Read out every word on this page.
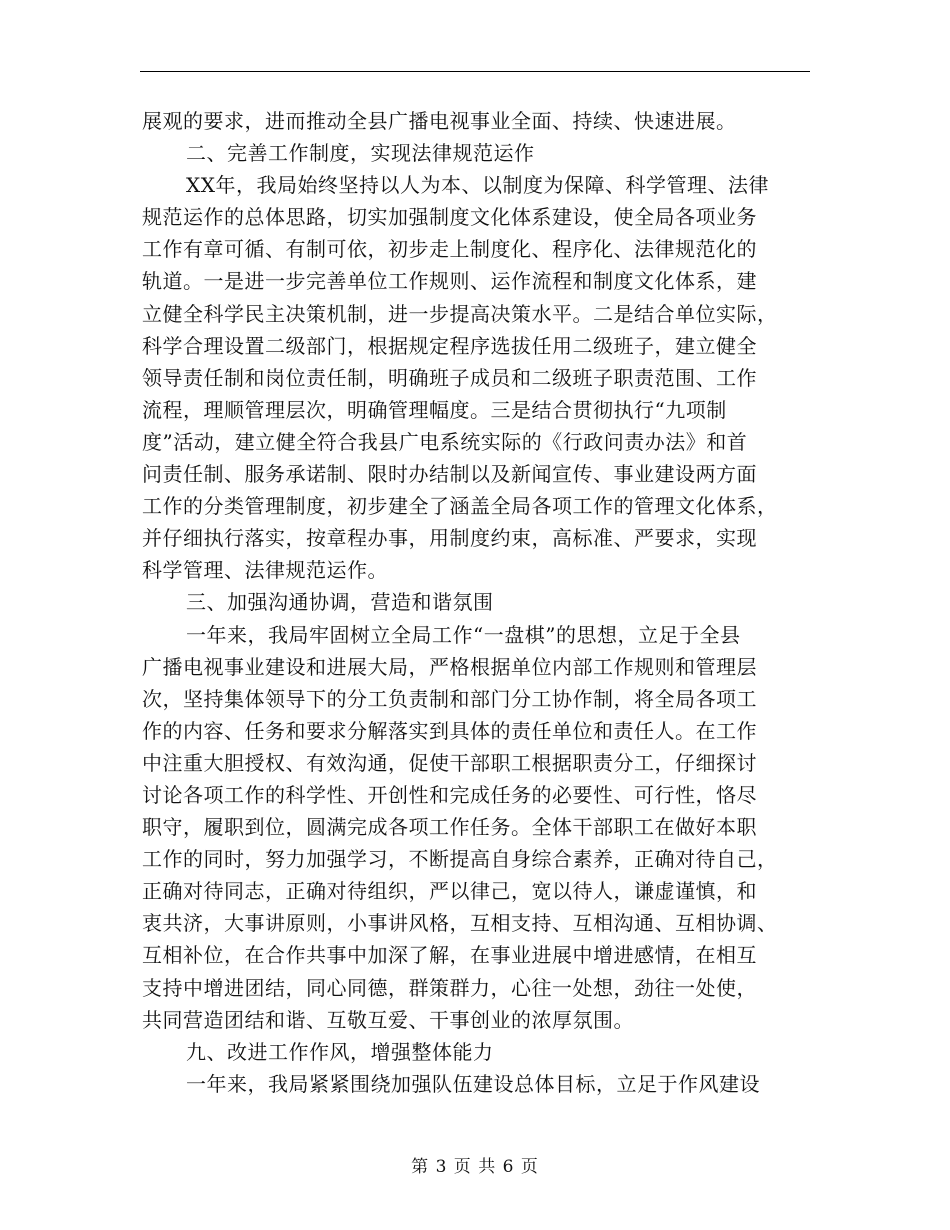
展观的要求，进而推动全县广播电视事业全面、持续、快速进展。
二、完善工作制度，实现法律规范运作
XX年，我局始终坚持以人为本、以制度为保障、科学管理、法律
规范运作的总体思路，切实加强制度文化体系建设，使全局各项业务
工作有章可循、有制可依，初步走上制度化、程序化、法律规范化的
轨道。一是进一步完善单位工作规则、运作流程和制度文化体系，建
立健全科学民主决策机制，进一步提高决策水平。二是结合单位实际，
科学合理设置二级部门，根据规定程序选拔任用二级班子，建立健全
领导责任制和岗位责任制，明确班子成员和二级班子职责范围、工作
流程，理顺管理层次，明确管理幅度。三是结合贯彻执行“九项制
度”活动，建立健全符合我县广电系统实际的《行政问责办法》和首
问责任制、服务承诺制、限时办结制以及新闻宣传、事业建设两方面
工作的分类管理制度，初步建全了涵盖全局各项工作的管理文化体系，
并仔细执行落实，按章程办事，用制度约束，高标准、严要求，实现
科学管理、法律规范运作。
三、加强沟通协调，营造和谐氛围
一年来，我局牢固树立全局工作“一盘棋”的思想，立足于全县
广播电视事业建设和进展大局，严格根据单位内部工作规则和管理层
次，坚持集体领导下的分工负责制和部门分工协作制，将全局各项工
作的内容、任务和要求分解落实到具体的责任单位和责任人。在工作
中注重大胆授权、有效沟通，促使干部职工根据职责分工，仔细探讨
讨论各项工作的科学性、开创性和完成任务的必要性、可行性，恪尽
职守，履职到位，圆满完成各项工作任务。全体干部职工在做好本职
工作的同时，努力加强学习，不断提高自身综合素养，正确对待自己，
正确对待同志，正确对待组织，严以律己，宽以待人，谦虚谨慎，和
衷共济，大事讲原则，小事讲风格，互相支持、互相沟通、互相协调、
互相补位，在合作共事中加深了解，在事业进展中增进感情，在相互
支持中增进团结，同心同德，群策群力，心往一处想，劲往一处使，
共同营造团结和谐、互敬互爱、干事创业的浓厚氛围。
九、改进工作作风，增强整体能力
一年来，我局紧紧围绕加强队伍建设总体目标，立足于作风建设
第 3 页 共 6 页
